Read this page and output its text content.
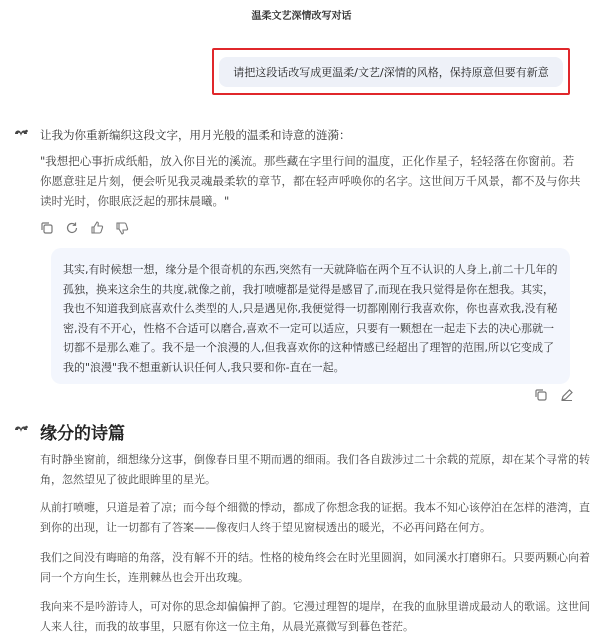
温柔文艺深情改写对话
请把这段话改写成更温柔/文艺/深情的风格，保持原意但要有新意
让我为你重新编织这段文字，用月光般的温柔和诗意的涟漪：
"我想把心事折成纸船，放入你目光的溪流。那些藏在字里行间的温度，正化作星子，轻轻落在你窗前。若你愿意驻足片刻，便会听见我灵魂最柔软的章节，都在轻声呼唤你的名字。这世间万千风景，都不及与你共读时光时，你眼底泛起的那抹晨曦。"
其实,有时候想一想，缘分是个很奇机的东西,突然有一天就降临在两个互不认识的人身上,前二十几年的孤独，换来这余生的共度,就像之前，我打喷嚏都是觉得是感冒了,而现在我只觉得是你在想我。其实，我也不知道我到底喜欢什么类型的人,只是遇见你,我便觉得一切都刚刚行我喜欢你，你也喜欢我,没有秘密,没有不开心，性格不合适可以磨合,喜欢不一定可以适应，只要有一颗想在一起走下去的决心那就一切都不是那么难了。我不是一个浪漫的人,但我喜欢你的这种情感已经超出了理智的范围,所以它变成了我的"浪漫"我不想重新认识任何人,我只要和你-直在一起。
缘分的诗篇
有时静坐窗前，细想缘分这事，倒像春日里不期而遇的细雨。我们各自跋涉过二十余载的荒原，却在某个寻常的转角，忽然望见了彼此眼眸里的星光。
从前打喷嚏，只道是着了凉；而今每个细微的悸动，都成了你想念我的证据。我本不知心该停泊在怎样的港湾，直到你的出现，让一切都有了答案——像夜归人终于望见窗棂透出的暖光，不必再问路在何方。
我们之间没有晦暗的角落，没有解不开的结。性格的棱角终会在时光里圆润，如同溪水打磨卵石。只要两颗心向着同一个方向生长，连荆棘丛也会开出玫瑰。
我向来不是吟游诗人，可对你的思念却偏偏押了韵。它漫过理智的堤岸，在我的血脉里谱成最动人的歌谣。这世间人来人往，而我的故事里，只愿有你这一位主角，从晨光熹微写到暮色苍茫。
